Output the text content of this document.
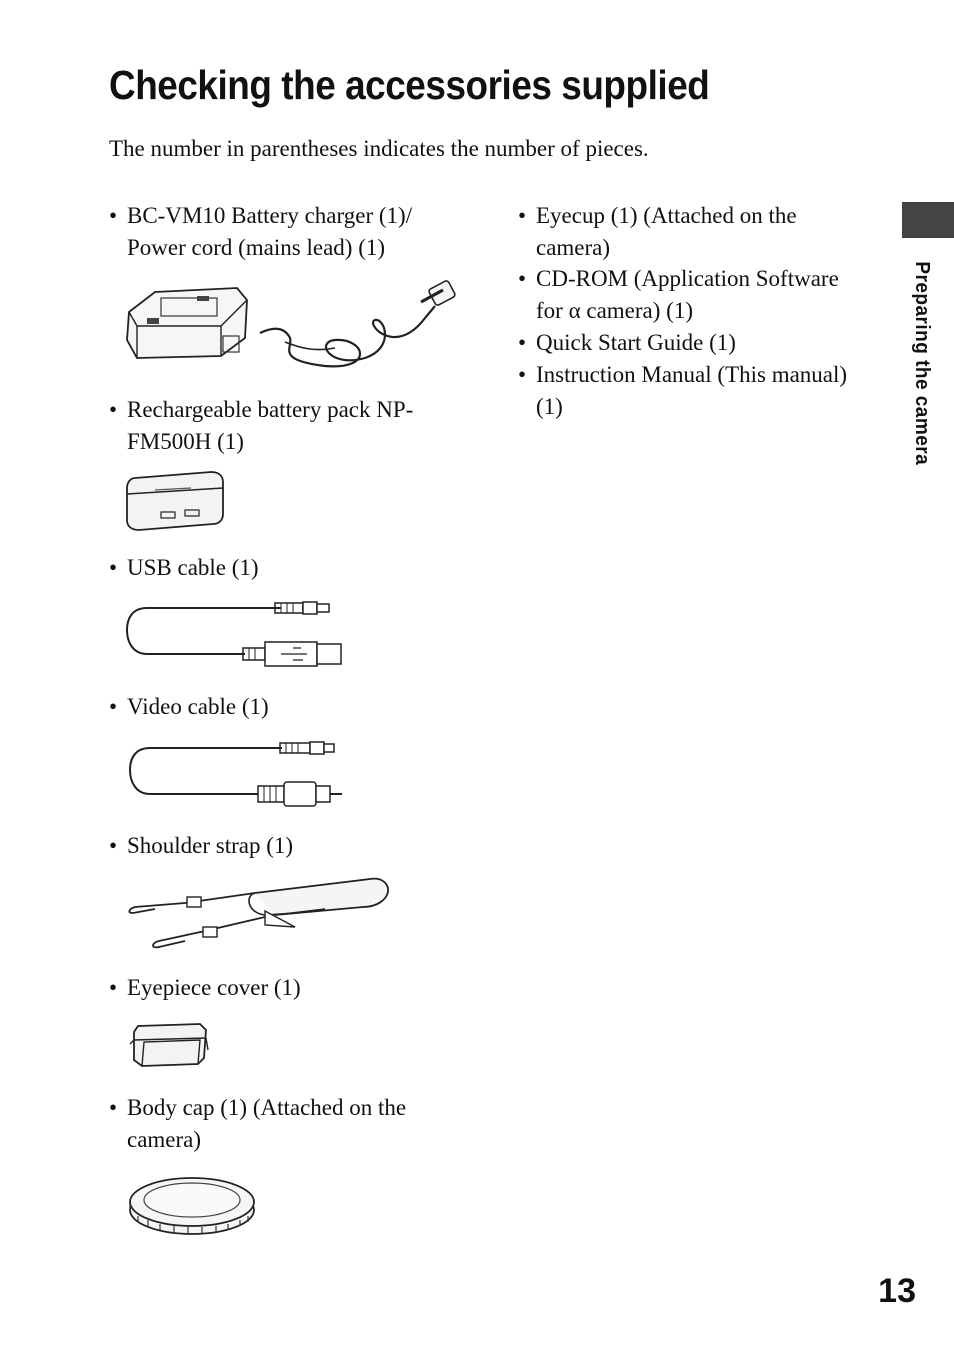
Checking the accessories supplied
The number in parentheses indicates the number of pieces.
• BC-VM10 Battery charger (1)/
Power cord (mains lead) (1)
• Rechargeable battery pack NP-
FM500H (1)
• USB cable (1)
• Video cable (1)
• Shoulder strap (1)
• Eyepiece cover (1)
• Body cap (1) (Attached on the
camera)
• Eyecup (1) (Attached on the
camera)
• CD-ROM (Application Software
for α camera) (1)
• Quick Start Guide (1)
• Instruction Manual (This manual)
(1)	Preparing the camera
13
